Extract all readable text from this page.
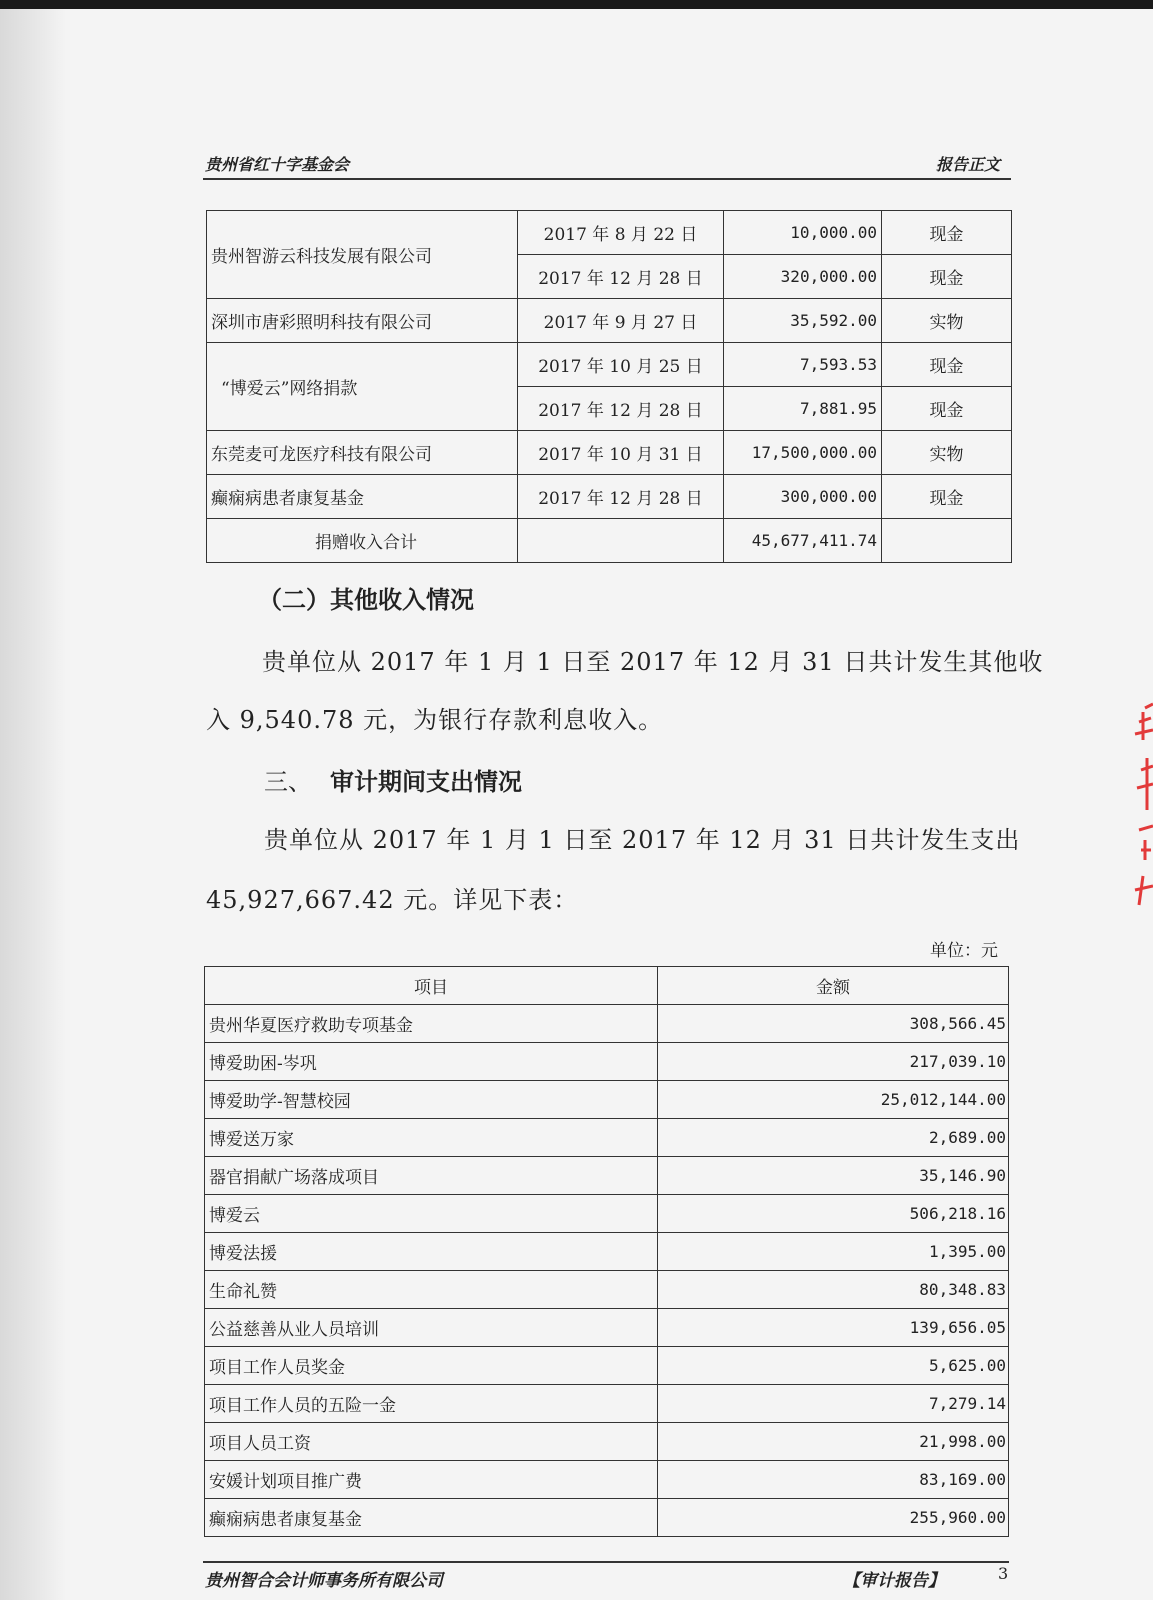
贵州省红十字基金会	报告正文
贵州智游云科技发展有限公司	2017 年 8 月 22 日	10,000.00	现金
	2017 年 12 月 28 日	320,000.00	现金
深圳市唐彩照明科技有限公司	2017 年 9 月 27 日	35,592.00	实物
“博爱云”网络捐款	2017 年 10 月 25 日	7,593.53	现金
	2017 年 12 月 28 日	7,881.95	现金
东莞麦可龙医疗科技有限公司	2017 年 10 月 31 日	17,500,000.00	实物
癫痫病患者康复基金	2017 年 12 月 28 日	300,000.00	现金
捐赠收入合计		45,677,411.74	
（二）其他收入情况
贵单位从 2017 年 1 月 1 日至 2017 年 12 月 31 日共计发生其他收
入 9,540.78 元，为银行存款利息收入。
三、 审计期间支出情况
贵单位从 2017 年 1 月 1 日至 2017 年 12 月 31 日共计发生支出
45,927,667.42 元。详见下表：
单位：元
项目	金额
贵州华夏医疗救助专项基金	308,566.45
博爱助困-岑巩	217,039.10
博爱助学-智慧校园	25,012,144.00
博爱送万家	2,689.00
器官捐献广场落成项目	35,146.90
博爱云	506,218.16
博爱法援	1,395.00
生命礼赞	80,348.83
公益慈善从业人员培训	139,656.05
项目工作人员奖金	5,625.00
项目工作人员的五险一金	7,279.14
项目人员工资	21,998.00
安媛计划项目推广费	83,169.00
癫痫病患者康复基金	255,960.00
贵州智合会计师事务所有限公司	【审计报告】	3
